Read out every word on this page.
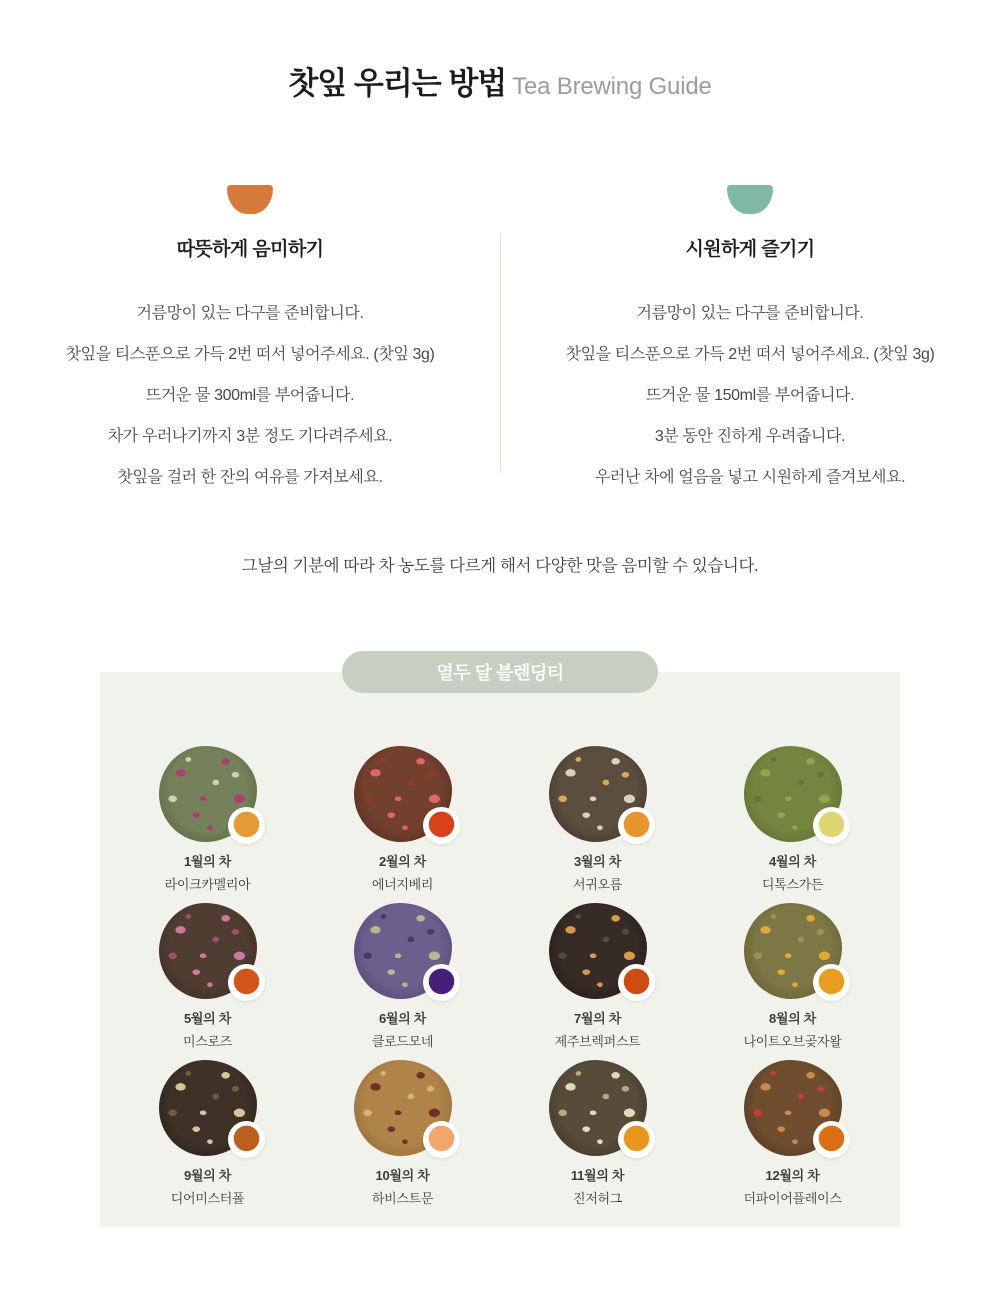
찻잎 우리는 방법 Tea Brewing Guide
따뜻하게 음미하기

거름망이 있는 다구를 준비합니다.

찻잎을 티스푼으로 가득 2번 떠서 넣어주세요. (찻잎 3g)

뜨거운 물 300ml를 부어줍니다.

차가 우러나기까지 3분 정도 기다려주세요.

찻잎을 걸러 한 잔의 여유를 가져보세요.

시원하게 즐기기

거름망이 있는 다구를 준비합니다.

찻잎을 티스푼으로 가득 2번 떠서 넣어주세요. (찻잎 3g)

뜨거운 물 150ml를 부어줍니다.

3분 동안 진하게 우려줍니다.

우러난 차에 얼음을 넣고 시원하게 즐겨보세요.

그날의 기분에 따라 차 농도를 다르게 해서 다양한 맛을 음미할 수 있습니다.

열두 달 블렌딩티
1월의 차
라이크카멜리아
2월의 차
에너지베리
3월의 차
서귀오름
4월의 차
디톡스가든
5월의 차
미스로즈
6월의 차
클로드모네
7월의 차
제주브렉퍼스트
8월의 차
나이트오브곶자왈
9월의 차
디어미스터폴
10월의 차
하비스트문
11월의 차
진저허그
12월의 차
더파이어플레이스
